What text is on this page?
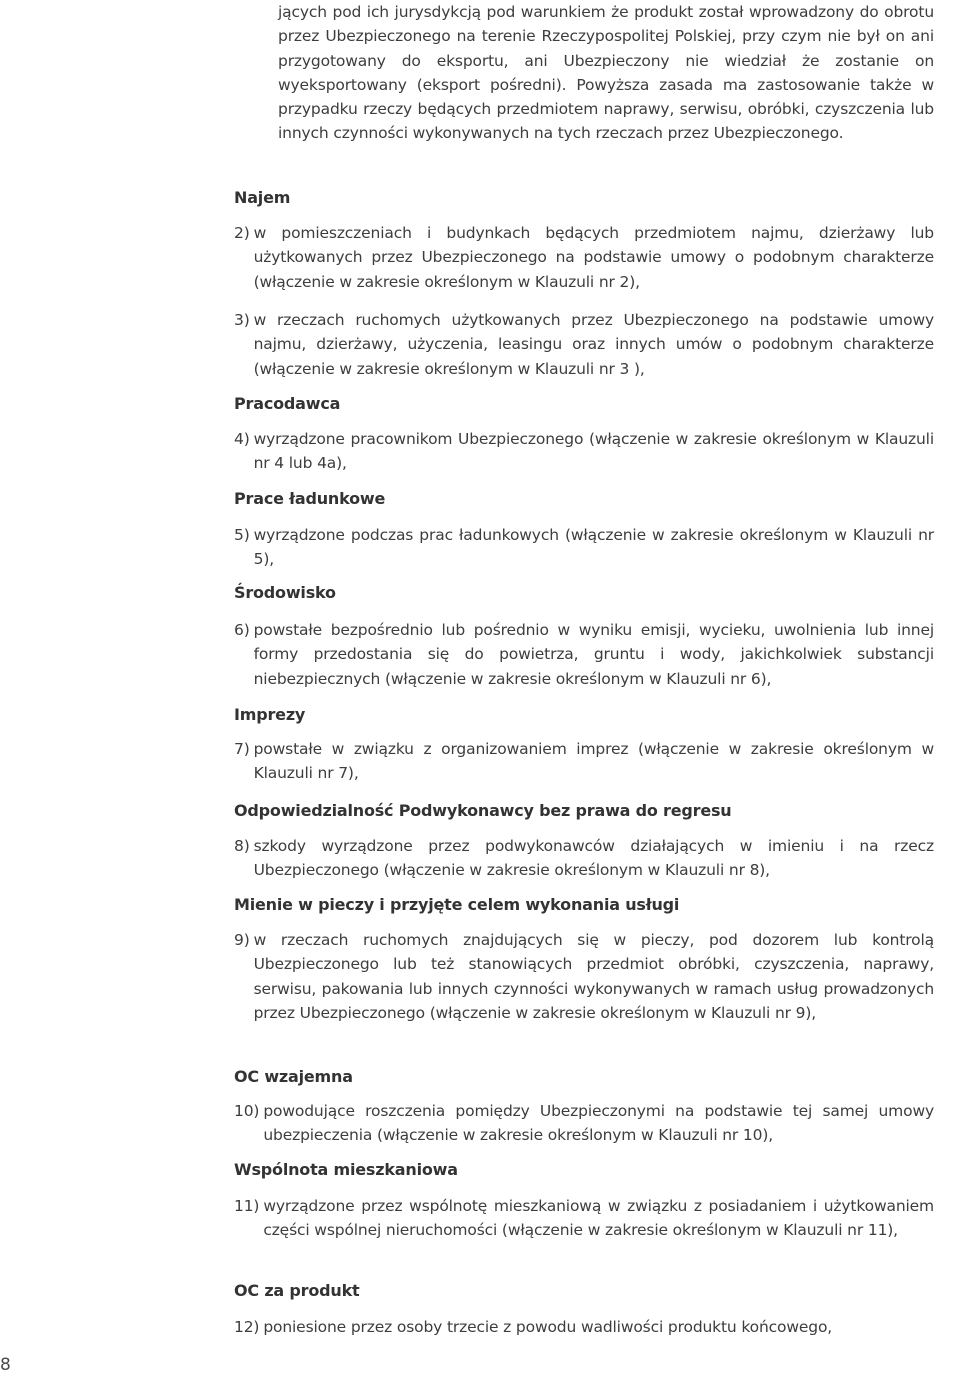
jących pod ich jurysdykcją pod warunkiem że produkt został wprowadzony do obrotu przez Ubezpieczonego na terenie Rzeczypospolitej Polskiej, przy czym nie był on ani przygotowany do eksportu, ani Ubezpieczony nie wiedział że zostanie on wyeksportowany (eksport pośredni). Powyższa zasada ma zastosowanie także w przypadku rzeczy będących przedmiotem naprawy, serwisu, obróbki, czyszczenia lub innych czynności wykonywanych na tych rzeczach przez Ubezpieczonego.
Najem
2) w pomieszczeniach i budynkach będących przedmiotem najmu, dzierżawy lub użytkowanych przez Ubezpieczonego na podstawie umowy o podobnym charakterze (włączenie w zakresie określonym w Klauzuli nr 2),
3) w rzeczach ruchomych użytkowanych przez Ubezpieczonego na podstawie umowy najmu, dzierżawy, użyczenia, leasingu oraz innych umów o podobnym charakterze (włączenie w zakresie określonym w Klauzuli nr 3 ),
Pracodawca
4) wyrządzone pracownikom Ubezpieczonego (włączenie w zakresie określonym w Klauzuli nr 4 lub 4a),
Prace ładunkowe
5) wyrządzone podczas prac ładunkowych (włączenie w zakresie określonym w Klauzuli nr 5),
Środowisko
6) powstałe bezpośrednio lub pośrednio w wyniku emisji, wycieku, uwolnienia lub innej formy przedostania się do powietrza, gruntu i wody, jakichkolwiek substancji niebezpiecznych (włączenie w zakresie określonym w Klauzuli nr 6),
Imprezy
7) powstałe w związku z organizowaniem imprez (włączenie w zakresie określonym w Klauzuli nr 7),
Odpowiedzialność Podwykonawcy bez prawa do regresu
8) szkody wyrządzone przez podwykonawców działających w imieniu i na rzecz Ubezpieczonego (włączenie w zakresie określonym w Klauzuli nr 8),
Mienie w pieczy i przyjęte celem wykonania usługi
9) w rzeczach ruchomych znajdujących się w pieczy, pod dozorem lub kontrolą Ubezpieczonego lub też stanowiących przedmiot obróbki, czyszczenia, naprawy, serwisu, pakowania lub innych czynności wykonywanych w ramach usług prowadzonych przez Ubezpieczonego (włączenie w zakresie określonym w Klauzuli nr 9),
OC wzajemna
10) powodujące roszczenia pomiędzy Ubezpieczonymi na podstawie tej samej umowy ubezpieczenia (włączenie w zakresie określonym w Klauzuli nr 10),
Wspólnota mieszkaniowa
11) wyrządzone przez wspólnotę mieszkaniową w związku z posiadaniem i użytkowaniem części wspólnej nieruchomości (włączenie w zakresie określonym w Klauzuli nr 11),
OC za produkt
12) poniesione przez osoby trzecie z powodu wadliwości produktu końcowego,
8
